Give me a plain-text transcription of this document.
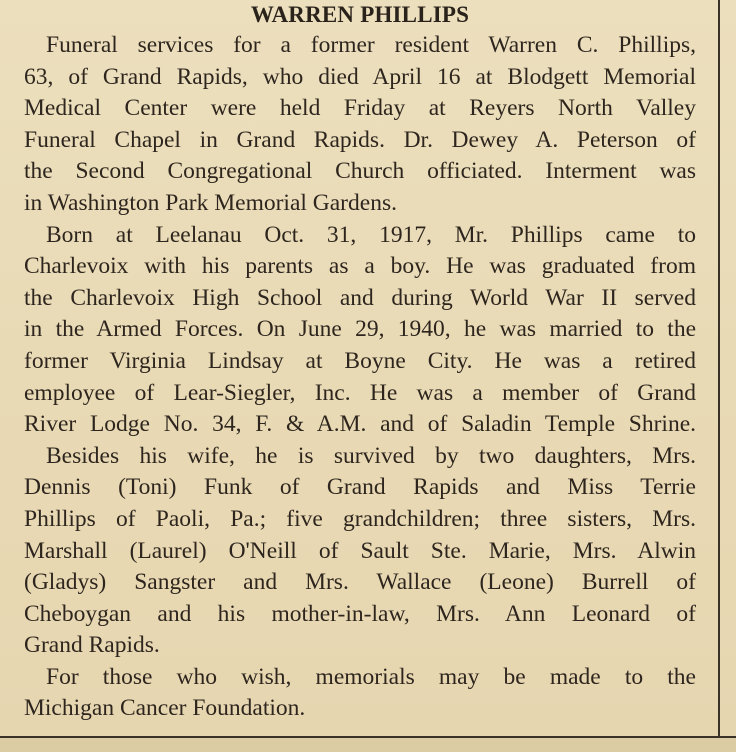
WARREN PHILLIPS
Funeral services for a former resident Warren C. Phillips,
63, of Grand Rapids, who died April 16 at Blodgett Memorial
Medical Center were held Friday at Reyers North Valley
Funeral Chapel in Grand Rapids. Dr. Dewey A. Peterson of
the Second Congregational Church officiated. Interment was
in Washington Park Memorial Gardens.
Born at Leelanau Oct. 31, 1917, Mr. Phillips came to
Charlevoix with his parents as a boy. He was graduated from
the Charlevoix High School and during World War II served
in the Armed Forces. On June 29, 1940, he was married to the
former Virginia Lindsay at Boyne City. He was a retired
employee of Lear-Siegler, Inc. He was a member of Grand
River Lodge No. 34, F. & A.M. and of Saladin Temple Shrine.
Besides his wife, he is survived by two daughters, Mrs.
Dennis (Toni) Funk of Grand Rapids and Miss Terrie
Phillips of Paoli, Pa.; five grandchildren; three sisters, Mrs.
Marshall (Laurel) O'Neill of Sault Ste. Marie, Mrs. Alwin
(Gladys) Sangster and Mrs. Wallace (Leone) Burrell of
Cheboygan and his mother-in-law, Mrs. Ann Leonard of
Grand Rapids.
For those who wish, memorials may be made to the
Michigan Cancer Foundation.
